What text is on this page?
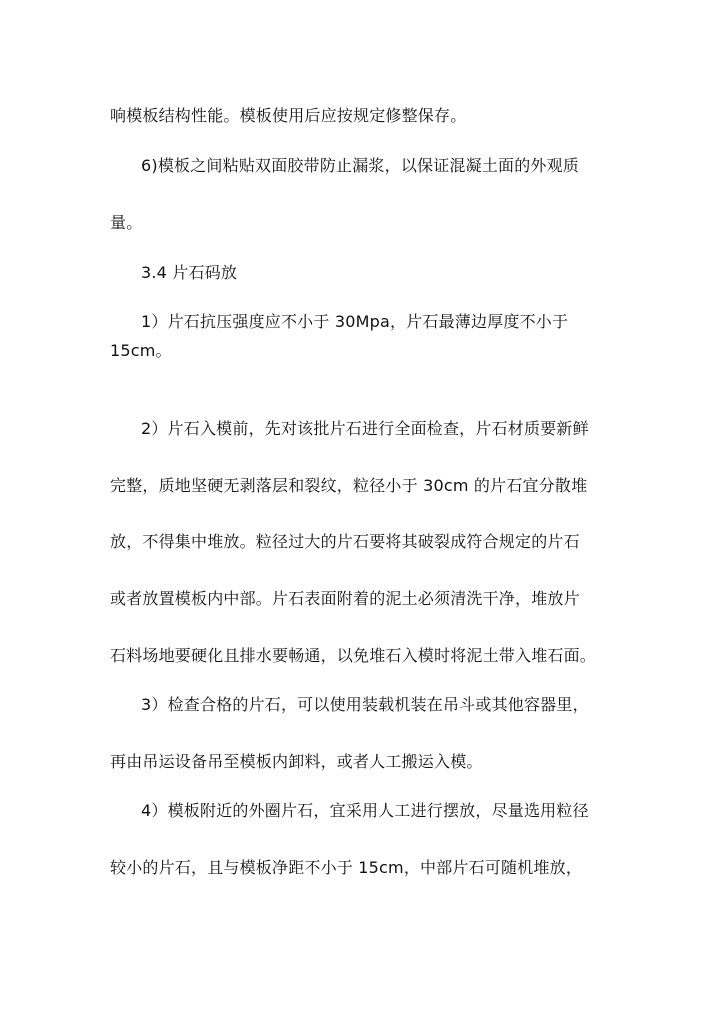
响模板结构性能。模板使用后应按规定修整保存。
6)模板之间粘贴双面胶带防止漏浆，以保证混凝土面的外观质
量。
3.4 片石码放
1）片石抗压强度应不小于 30Mpa，片石最薄边厚度不小于
15cm。
2）片石入模前，先对该批片石进行全面检查，片石材质要新鲜
完整，质地坚硬无剥落层和裂纹，粒径小于 30cm 的片石宜分散堆
放，不得集中堆放。粒径过大的片石要将其破裂成符合规定的片石
或者放置模板内中部。片石表面附着的泥土必须清洗干净，堆放片
石料场地要硬化且排水要畅通，以免堆石入模时将泥土带入堆石面。
3）检查合格的片石，可以使用装载机装在吊斗或其他容器里，
再由吊运设备吊至模板内卸料，或者人工搬运入模。
4）模板附近的外圈片石，宜采用人工进行摆放，尽量选用粒径
较小的片石，且与模板净距不小于 15cm，中部片石可随机堆放，
